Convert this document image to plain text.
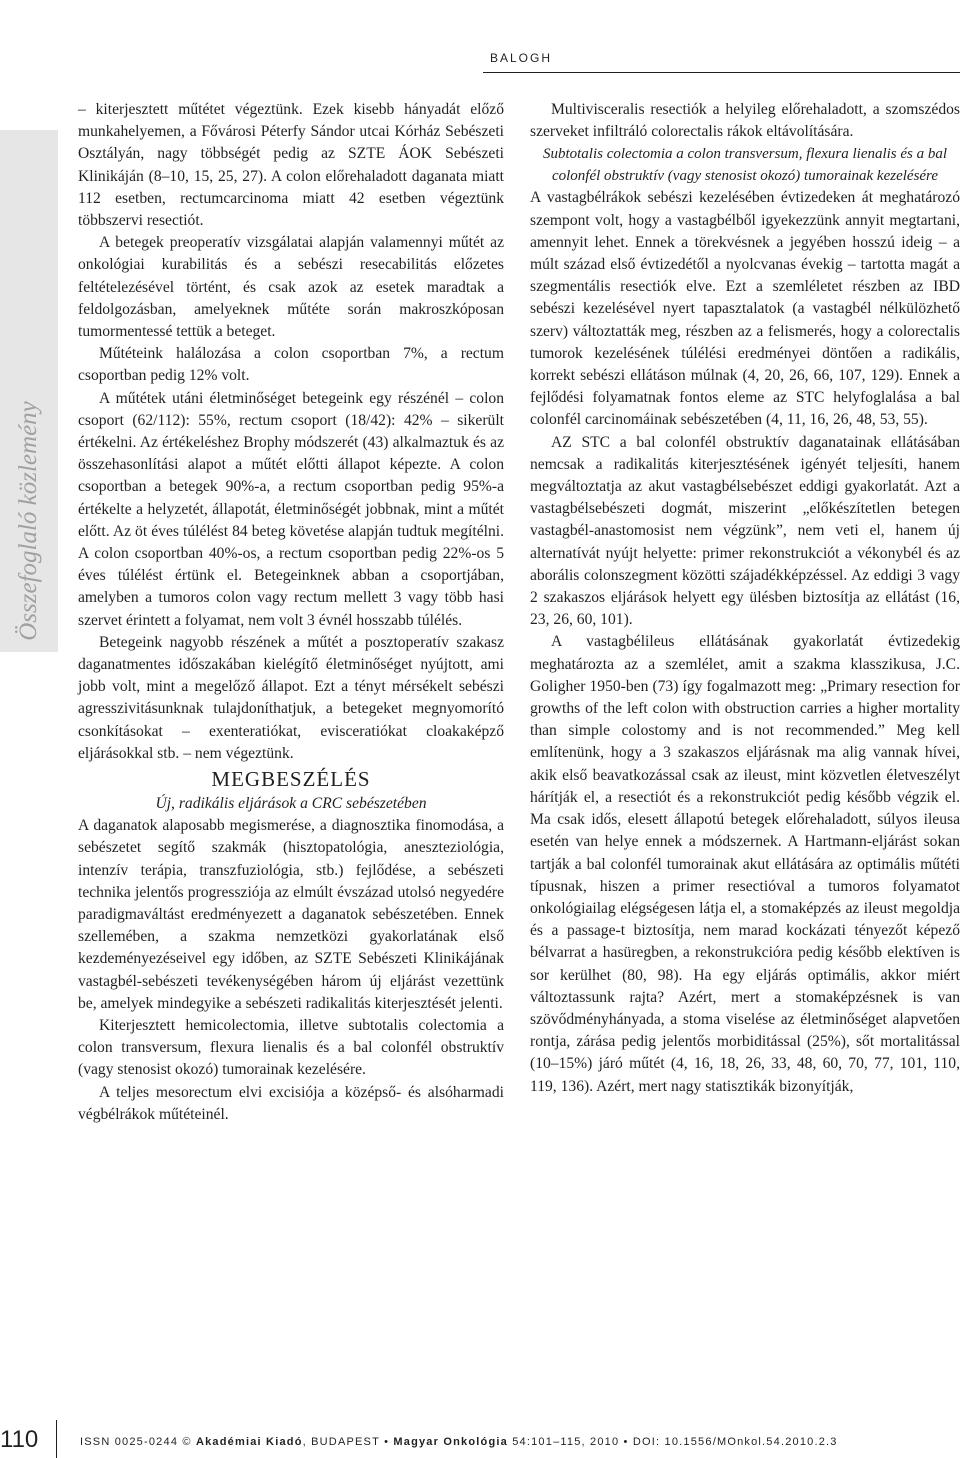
BALOGH
Összefoglaló közlemény

– kiterjesztett műtétet végeztünk. Ezek kisebb hányadát előző munkahelyemen, a Fővárosi Péterfy Sándor utcai Kórház Sebészeti Osztályán, nagy többségét pedig az SZTE ÁOK Sebészeti Klinikáján (8–10, 15, 25, 27). A colon előrehaladott daganata miatt 112 esetben, rectumcarcinoma miatt 42 esetben végeztünk többszervi resectiót.

A betegek preoperatív vizsgálatai alapján valamennyi műtét az onkológiai kurabilitás és a sebészi resecabilitás előzetes feltételezésével történt, és csak azok az esetek maradtak a feldolgozásban, amelyeknek műtéte során makroszkóposan tumormentessé tettük a beteget.

Műtéteink halálozása a colon csoportban 7%, a rectum csoportban pedig 12% volt.

A műtétek utáni életminőséget betegeink egy részénél – colon csoport (62/112): 55%, rectum csoport (18/42): 42% – sikerült értékelni. Az értékeléshez Brophy módszerét (43) alkalmaztuk és az összehasonlítási alapot a műtét előtti állapot képezte. A colon csoportban a betegek 90%-a, a rectum csoportban pedig 95%-a értékelte a helyzetét, állapotát, életminőségét jobbnak, mint a műtét előtt. Az öt éves túlélést 84 beteg követése alapján tudtuk megítélni. A colon csoportban 40%-os, a rectum csoportban pedig 22%-os 5 éves túlélést értünk el. Betegeinknek abban a csoportjában, amelyben a tumoros colon vagy rectum mellett 3 vagy több hasi szervet érintett a folyamat, nem volt 3 évnél hosszabb túlélés.

Betegeink nagyobb részének a műtét a posztoperatív szakasz daganatmentes időszakában kielégítő életminőséget nyújtott, ami jobb volt, mint a megelőző állapot. Ezt a tényt mérsékelt sebészi agresszivitásunknak tulajdoníthatjuk, a betegeket megnyomorító csonkításokat – exenteratiókat, evisceratiókat cloakaképző eljárásokkal stb. – nem végeztünk.

MEGBESZÉLÉS

Új, radikális eljárások a CRC sebészetében

A daganatok alaposabb megismerése, a diagnosztika finomodása, a sebészetet segítő szakmák (hisztopatológia, aneszteziológia, intenzív terápia, transzfuziológia, stb.) fejlődése, a sebészeti technika jelentős progressziója az elmúlt évszázad utolsó negyedére paradigmaváltást eredményezett a daganatok sebészetében. Ennek szellemében, a szakma nemzetközi gyakorlatának első kezdeményezéseivel egy időben, az SZTE Sebészeti Klinikájának vastagbél-sebészeti tevékenységében három új eljárást vezettünk be, amelyek mindegyike a sebészeti radikalitás kiterjesztését jelenti.

Kiterjesztett hemicolectomia, illetve subtotalis colectomia a colon transversum, flexura lienalis és a bal colonfél obstruktív (vagy stenosist okozó) tumorainak kezelésére.

A teljes mesorectum elvi excisiója a középső- és alsóharmadi végbélrákok műtéteinél.

Multivisceralis resectiók a helyileg előrehaladott, a szomszédos szerveket infiltráló colorectalis rákok eltávolítására.

Subtotalis colectomia a colon transversum, flexura lienalis és a bal colonfél obstruktív (vagy stenosist okozó) tumorainak kezelésére

A vastagbélrákok sebészi kezelésében évtizedeken át meghatározó szempont volt, hogy a vastagbélből igyekezzünk annyit megtartani, amennyit lehet. Ennek a törekvésnek a jegyében hosszú ideig – a múlt század első évtizedétől a nyolcvanas évekig – tartotta magát a szegmentális resectiók elve. Ezt a szemléletet részben az IBD sebészi kezelésével nyert tapasztalatok (a vastagbél nélkülözhető szerv) változtatták meg, részben az a felismerés, hogy a colorectalis tumorok kezelésének túlélési eredményei döntően a radikális, korrekt sebészi ellátáson múlnak (4, 20, 26, 66, 107, 129). Ennek a fejlődési folyamatnak fontos eleme az STC helyfoglalása a bal colonfél carcinomáinak sebészetében (4, 11, 16, 26, 48, 53, 55).

AZ STC a bal colonfél obstruktív daganatainak ellátásában nemcsak a radikalitás kiterjesztésének igényét teljesíti, hanem megváltoztatja az akut vastagbélsebészet eddigi gyakorlatát. Azt a vastagbélsebészeti dogmát, miszerint „előkészítetlen betegen vastagbél-anastomosist nem végzünk”, nem veti el, hanem új alternatívát nyújt helyette: primer rekonstrukciót a vékonybél és az aborális colonszegment közötti szájadékképzéssel. Az eddigi 3 vagy 2 szakaszos eljárások helyett egy ülésben biztosítja az ellátást (16, 23, 26, 60, 101).

A vastagbélileus ellátásának gyakorlatát évtizedekig meghatározta az a szemlélet, amit a szakma klasszikusa, J.C. Goligher 1950-ben (73) így fogalmazott meg: „Primary resection for growths of the left colon with obstruction carries a higher mortality than simple colostomy and is not recommended.” Meg kell említenünk, hogy a 3 szakaszos eljárásnak ma alig vannak hívei, akik első beavatkozással csak az ileust, mint közvetlen életveszélyt hárítják el, a resectiót és a rekonstrukciót pedig később végzik el. Ma csak idős, elesett állapotú betegek előrehaladott, súlyos ileusa esetén van helye ennek a módszernek. A Hartmann-eljárást sokan tartják a bal colonfél tumorainak akut ellátására az optimális műtéti típusnak, hiszen a primer resectióval a tumoros folyamatot onkológiailag elégségesen látja el, a stomaképzés az ileust megoldja és a passage-t biztosítja, nem marad kockázati tényezőt képező bélvarrat a hasüregben, a rekonstrukcióra pedig később elektíven is sor kerülhet (80, 98). Ha egy eljárás optimális, akkor miért változtassunk rajta? Azért, mert a stomaképzésnek is van szövődményhányada, a stoma viselése az életminőséget alapvetően rontja, zárása pedig jelentős morbiditással (25%), sőt mortalitással (10–15%) járó műtét (4, 16, 18, 26, 33, 48, 60, 70, 77, 101, 110, 119, 136). Azért, mert nagy statisztikák bizonyítják,

110	ISSN 0025-0244 © Akadémiai Kiadó, BUDAPEST • Magyar Onkológia 54:101–115, 2010 • DOI: 10.1556/MOnkol.54.2010.2.3
